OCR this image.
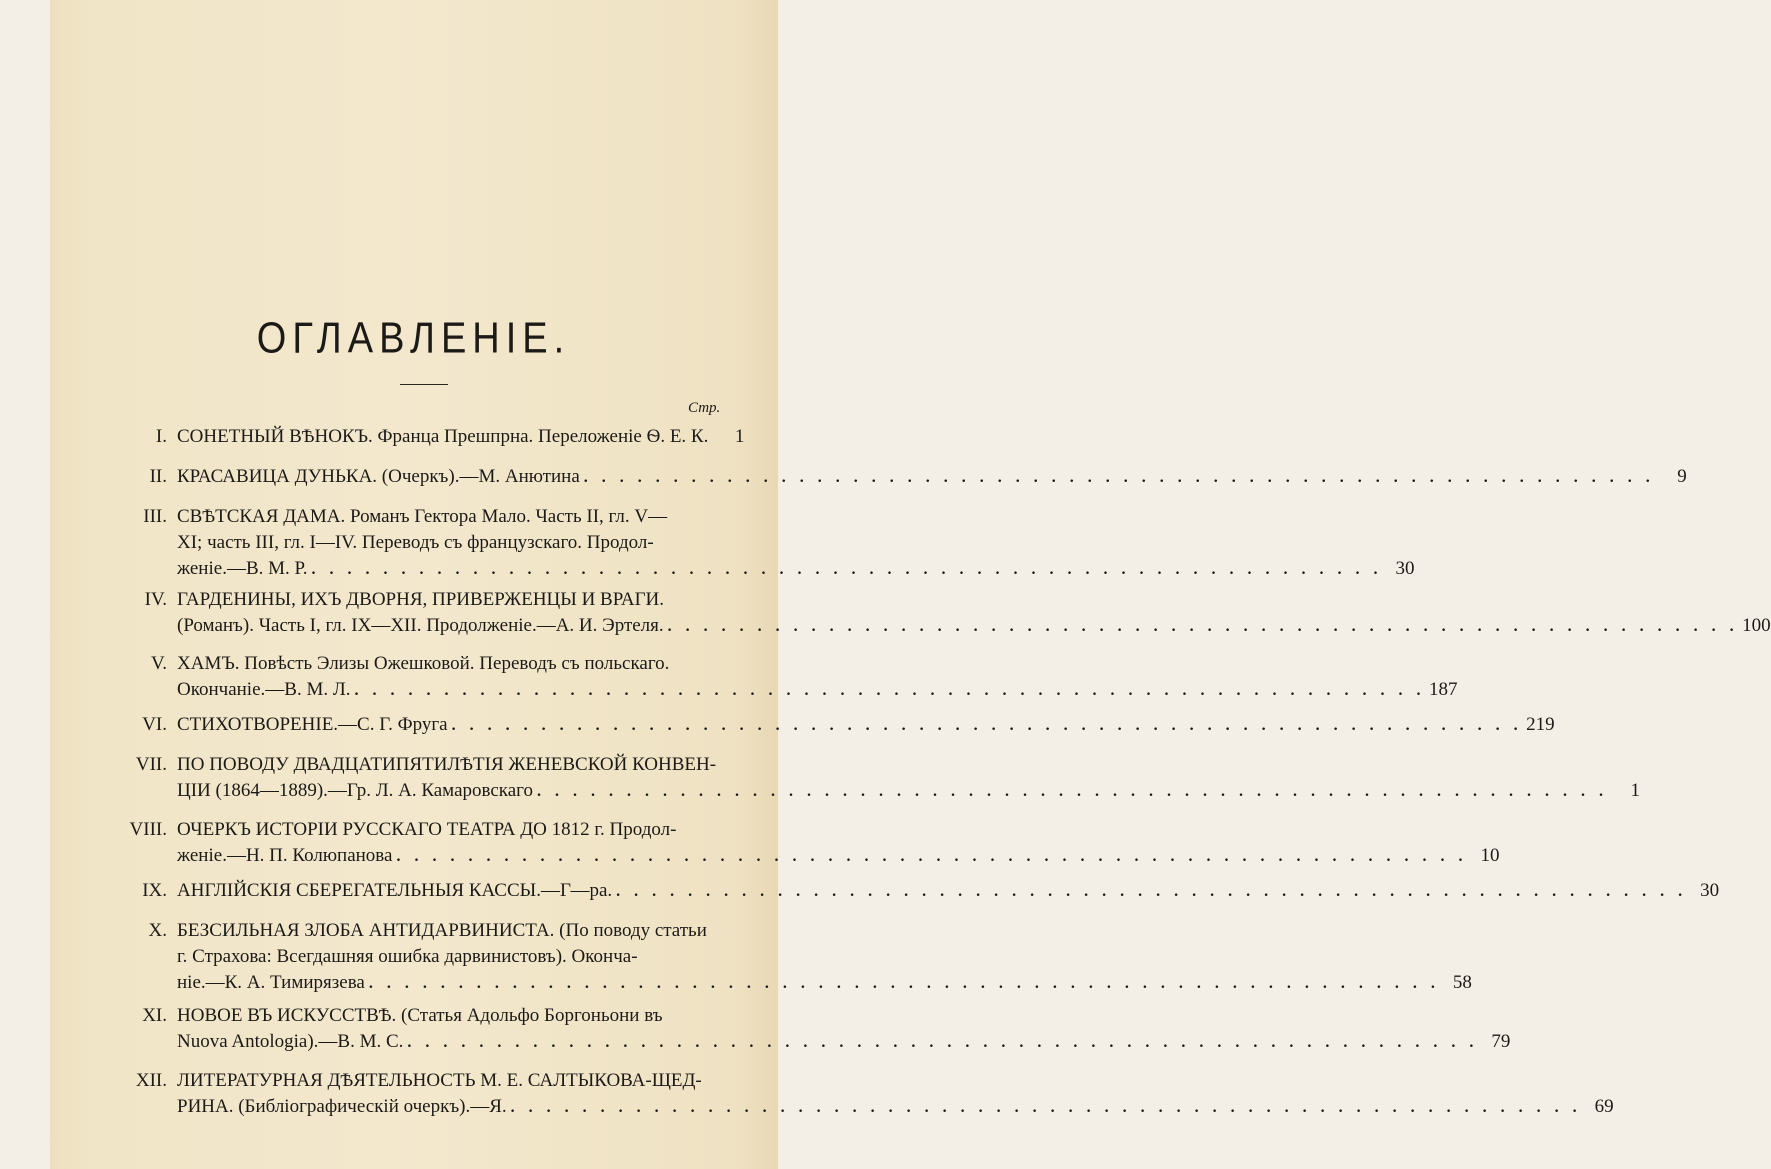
ОГЛАВЛЕНІЕ.
Стр.
I. СОНЕТНЫЙ ВѢНОКЪ. Франца Прешпрна. Переложеніе Ѳ. Е. К.	1
II. КРАСАВИЦА ДУНЬКА. (Очеркъ).—М. Анютина . . . . . . . . . . . . . . . . . . . . . . . . . . . . . . . . . . . . . . . . . . . . . . . . . . . . . . . . . . . .	9
III. СВѢТСКАЯ ДАМА. Романъ Гектора Мало. Часть II, гл. V—
XI; часть III, гл. I—IV. Переводъ съ французскаго. Продол-
женіе.—В. М. Р. . . . . . . . . . . . . . . . . . . . . . . . . . . . . . . . . . . . . . . . . . . . . . . . . . . . . . . . . . . . . 30
IV. ГАРДЕНИНЫ, ИХЪ ДВОРНЯ, ПРИВЕРЖЕНЦЫ И ВРАГИ.
(Романъ). Часть I, гл. IX—XII. Продолженіе.—А. И. Эртеля. . . . . . . . . . . . . . . . . . . . . . . . . . . . . . . . . . . . . . . . . . . . . . . . . . . . . . . . . . . . . 100
V. ХАМЪ. Повѣсть Элизы Ожешковой. Переводъ съ польскаго.
Окончаніе.—В. М. Л. . . . . . . . . . . . . . . . . . . . . . . . . . . . . . . . . . . . . . . . . . . . . . . . . . . . . . . . . . . . . 187
VI. СТИХОТВОРЕНІЕ.—С. Г. Фруга . . . . . . . . . . . . . . . . . . . . . . . . . . . . . . . . . . . . . . . . . . . . . . . . . . . . . . . . . . . . 219
VII. ПО ПОВОДУ ДВАДЦАТИПЯТИЛѢТІЯ ЖЕНЕВСКОЙ КОНВЕН-
ЦІИ (1864—1889).—Гр. Л. А. Камаровскаго . . . . . . . . . . . . . . . . . . . . . . . . . . . . . . . . . . . . . . . . . . . . . . . . . . . . . . . . . . . .	1
VIII. ОЧЕРКЪ ИСТОРІИ РУССКАГО ТЕАТРА ДО 1812 г. Продол-
женіе.—Н. П. Колюпанова . . . . . . . . . . . . . . . . . . . . . . . . . . . . . . . . . . . . . . . . . . . . . . . . . . . . . . . . . . . . 10
IX. АНГЛІЙСКІЯ СБЕРЕГАТЕЛЬНЫЯ КАССЫ.—Г—ра. . . . . . . . . . . . . . . . . . . . . . . . . . . . . . . . . . . . . . . . . . . . . . . . . . . . . . . . . . . . . 30
X. БЕЗСИЛЬНАЯ ЗЛОБА АНТИДАРВИНИСТА. (По поводу статьи
г. Страхова: Всегдашняя ошибка дарвинистовъ). Оконча-
ніе.—К. А. Тимирязева . . . . . . . . . . . . . . . . . . . . . . . . . . . . . . . . . . . . . . . . . . . . . . . . . . . . . . . . . . . . 58
XI. НОВОЕ ВЪ ИСКУССТВѢ. (Статья Адольфо Боргоньони въ
Nuova Antologia).—В. М. С. . . . . . . . . . . . . . . . . . . . . . . . . . . . . . . . . . . . . . . . . . . . . . . . . . . . . . . . . . . . . 79
XII. ЛИТЕРАТУРНАЯ ДѢЯТЕЛЬНОСТЬ М. Е. САЛТЫКОВА-ЩЕД-
РИНА. (Библіографическій очеркъ).—Я. . . . . . . . . . . . . . . . . . . . . . . . . . . . . . . . . . . . . . . . . . . . . . . . . . . . . . . . . . . . . 69
